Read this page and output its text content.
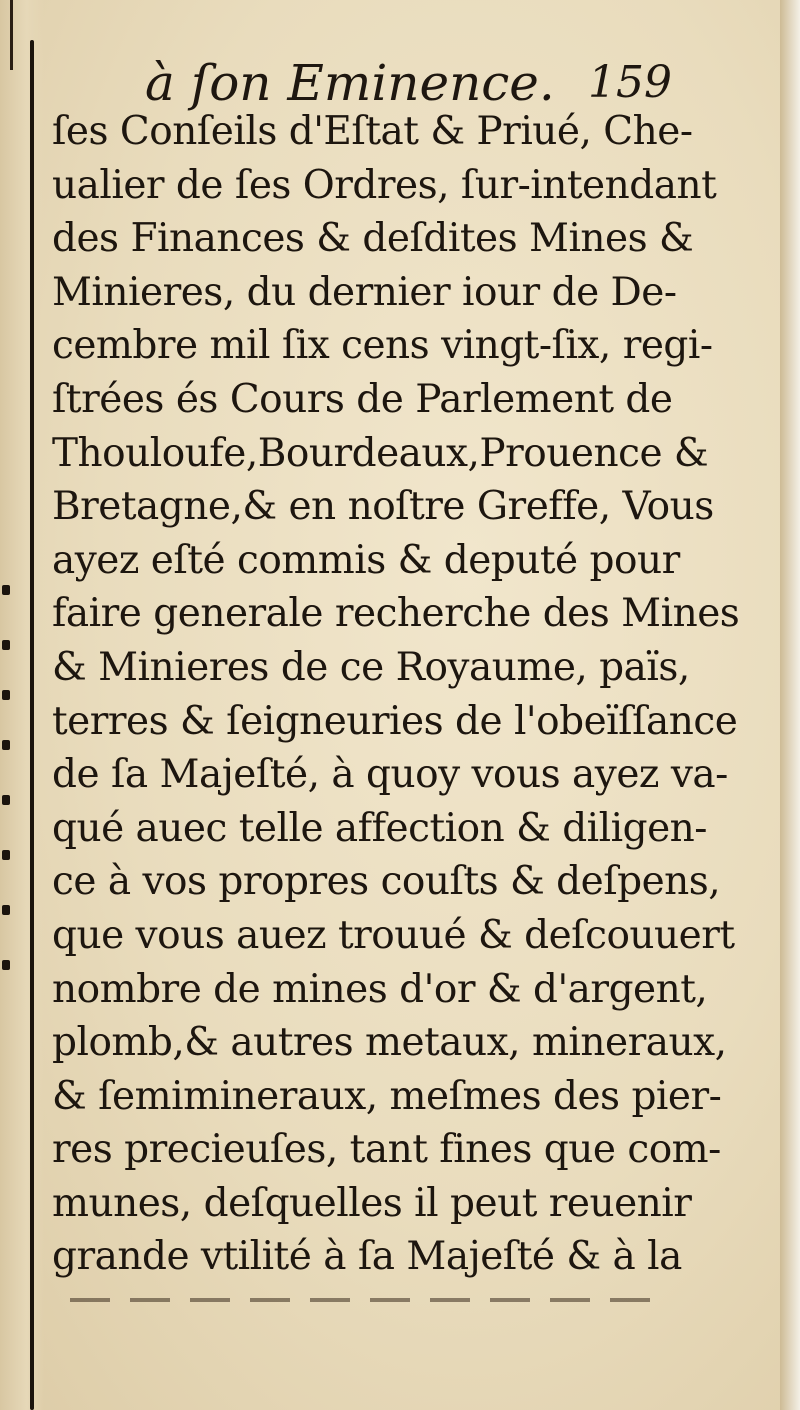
à ſon Eminence. 159
ſes Conſeils d'Eſtat & Priué, Che-
ualier de ſes Ordres, ſur-intendant
des Finances & deſdites Mines &
Minieres, du dernier iour de De-
cembre mil ſix cens vingt-ſix, regi-
ſtrées és Cours de Parlement de
Thouloufe,Bourdeaux,Prouence &
Bretagne,& en noſtre Greffe, Vous
ayez eſté commis & deputé pour
faire generale recherche des Mines
& Minieres de ce Royaume, païs,
terres & ſeigneuries de l'obeïſſance
de ſa Majeſté, à quoy vous ayez va-
qué auec telle affection & diligen-
ce à vos propres couſts & deſpens,
que vous auez trouué & deſcouuert
nombre de mines d'or & d'argent,
plomb,& autres metaux, mineraux,
& ſemimineraux, meſmes des pier-
res precieuſes, tant fines que com-
munes, deſquelles il peut reuenir
grande vtilité à ſa Majeſté & à la
